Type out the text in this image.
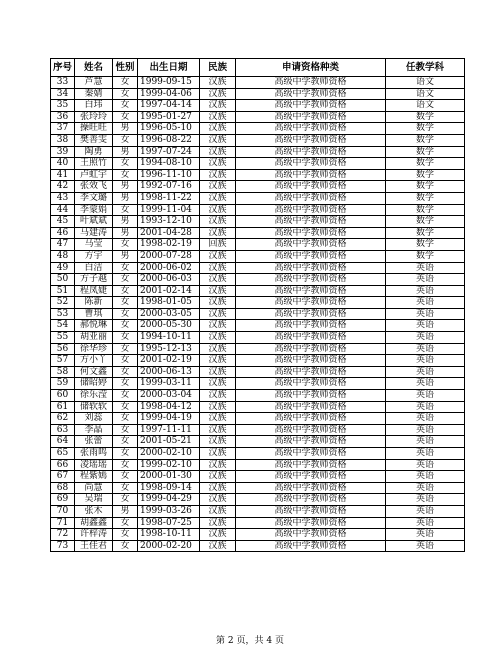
序号	姓名	性别	出生日期	民族	申请资格种类	任教学科
33	芦慧	女	1999-09-15	汉族	高级中学教师资格	语文
34	秦婧	女	1999-04-06	汉族	高级中学教师资格	语文
35	白玮	女	1997-04-14	汉族	高级中学教师资格	语文
36	张玲玲	女	1995-01-27	汉族	高级中学教师资格	数学
37	操旺旺	男	1996-05-10	汉族	高级中学教师资格	数学
38	樊善雯	女	1996-08-22	汉族	高级中学教师资格	数学
39	陶勇	男	1997-07-24	汉族	高级中学教师资格	数学
40	王照竹	女	1994-08-10	汉族	高级中学教师资格	数学
41	卢虹宇	女	1996-11-10	汉族	高级中学教师资格	数学
42	张效飞	男	1992-07-16	汉族	高级中学教师资格	数学
43	李文璐	男	1998-11-22	汉族	高级中学教师资格	数学
44	李蒙娟	女	1999-11-04	汉族	高级中学教师资格	数学
45	叶斌斌	男	1993-12-10	汉族	高级中学教师资格	数学
46	马建涛	男	2001-04-28	汉族	高级中学教师资格	数学
47	马莹	女	1998-02-19	回族	高级中学教师资格	数学
48	方宇	男	2000-07-28	汉族	高级中学教师资格	数学
49	白洁	女	2000-06-02	汉族	高级中学教师资格	英语
50	方子越	女	2000-06-03	汉族	高级中学教师资格	英语
51	程凤婕	女	2001-02-14	汉族	高级中学教师资格	英语
52	陈新	女	1998-01-05	汉族	高级中学教师资格	英语
53	曹琪	女	2000-03-05	汉族	高级中学教师资格	英语
54	郝悦琳	女	2000-05-30	汉族	高级中学教师资格	英语
55	胡亚丽	女	1994-10-11	汉族	高级中学教师资格	英语
56	徐华珍	女	1995-12-13	汉族	高级中学教师资格	英语
57	方小丫	女	2001-02-19	汉族	高级中学教师资格	英语
58	何文鑫	女	2000-06-13	汉族	高级中学教师资格	英语
59	储昭婷	女	1999-03-11	汉族	高级中学教师资格	英语
60	徐乐滢	女	2000-03-04	汉族	高级中学教师资格	英语
61	储软软	女	1998-04-12	汉族	高级中学教师资格	英语
62	刘蕊	女	1999-04-19	汉族	高级中学教师资格	英语
63	李晶	女	1997-11-11	汉族	高级中学教师资格	英语
64	张蕾	女	2001-05-21	汉族	高级中学教师资格	英语
65	张雨鸣	女	2000-02-10	汉族	高级中学教师资格	英语
66	凌瑶瑶	女	1999-02-10	汉族	高级中学教师资格	英语
67	程紫嫣	女	2000-01-30	汉族	高级中学教师资格	英语
68	尚慧	女	1998-09-14	汉族	高级中学教师资格	英语
69	吴瑞	女	1999-04-29	汉族	高级中学教师资格	英语
70	张木	男	1999-03-26	汉族	高级中学教师资格	英语
71	胡鑫鑫	女	1998-07-25	汉族	高级中学教师资格	英语
72	许梓涛	女	1998-10-11	汉族	高级中学教师资格	英语
73	王佳君	女	2000-02-20	汉族	高级中学教师资格	英语
第 2 页，共 4 页
